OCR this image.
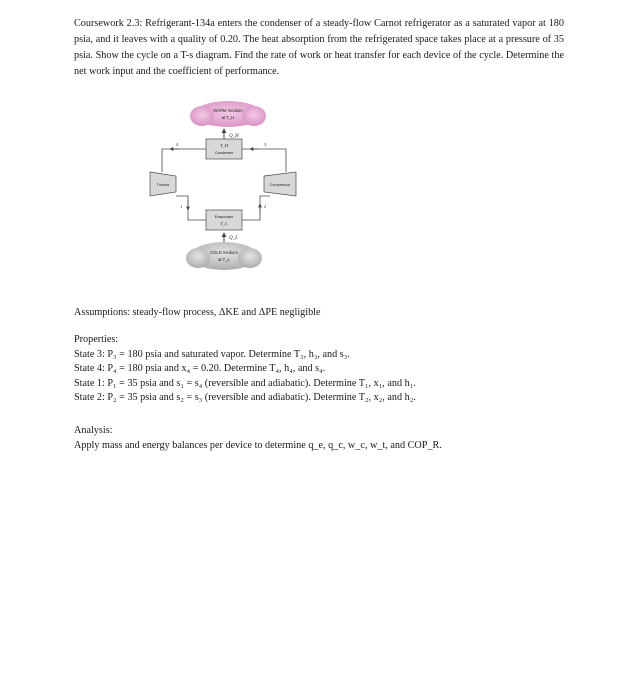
Coursework 2.3: Refrigerant-134a enters the condenser of a steady-flow Carnot refrigerator as a saturated vapor at 180 psia, and it leaves with a quality of 0.20. The heat absorption from the refrigerated space takes place at a pressure of 35 psia. Show the cycle on a T-s diagram. Find the rate of work or heat transfer for each device of the cycle. Determine the net work input and the coefficient of performance.

WARM medium
at T_H
Q_H
T_H
Condenser
4	3
Turbine	Compressor
1	2
Evaporator
T_L
Q_L
COLD medium
at T_L
Assumptions: steady-flow process, ΔKE and ΔPE negligible
Properties:
State 3: P₃ = 180 psia and saturated vapor. Determine T₃, h₃, and s₃.
State 4: P₄ = 180 psia and x₄ = 0.20. Determine T₄, h₄, and s₄.
State 1: P₁ = 35 psia and s₁ = s₄ (reversible and adiabatic). Determine T₁, x₁, and h₁.
State 2: P₂ = 35 psia and s₂ = s₃ (reversible and adiabatic). Determine T₂, x₂, and h₂.
Analysis:
Apply mass and energy balances per device to determine q_e, q_c, w_c, w_t, and COP_R.
